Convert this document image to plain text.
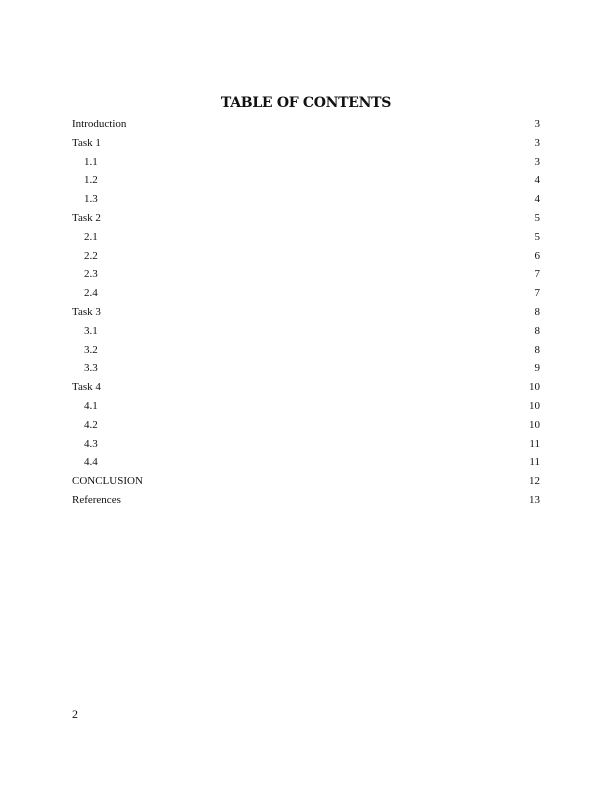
TABLE OF CONTENTS
Introduction	3
Task 1	3
1.1	3
1.2	4
1.3	4
Task 2	5
2.1	5
2.2	6
2.3	7
2.4	7
Task 3	8
3.1	8
3.2	8
3.3	9
Task 4	10
4.1	10
4.2	10
4.3	11
4.4	11
CONCLUSION	12
References	13
2
